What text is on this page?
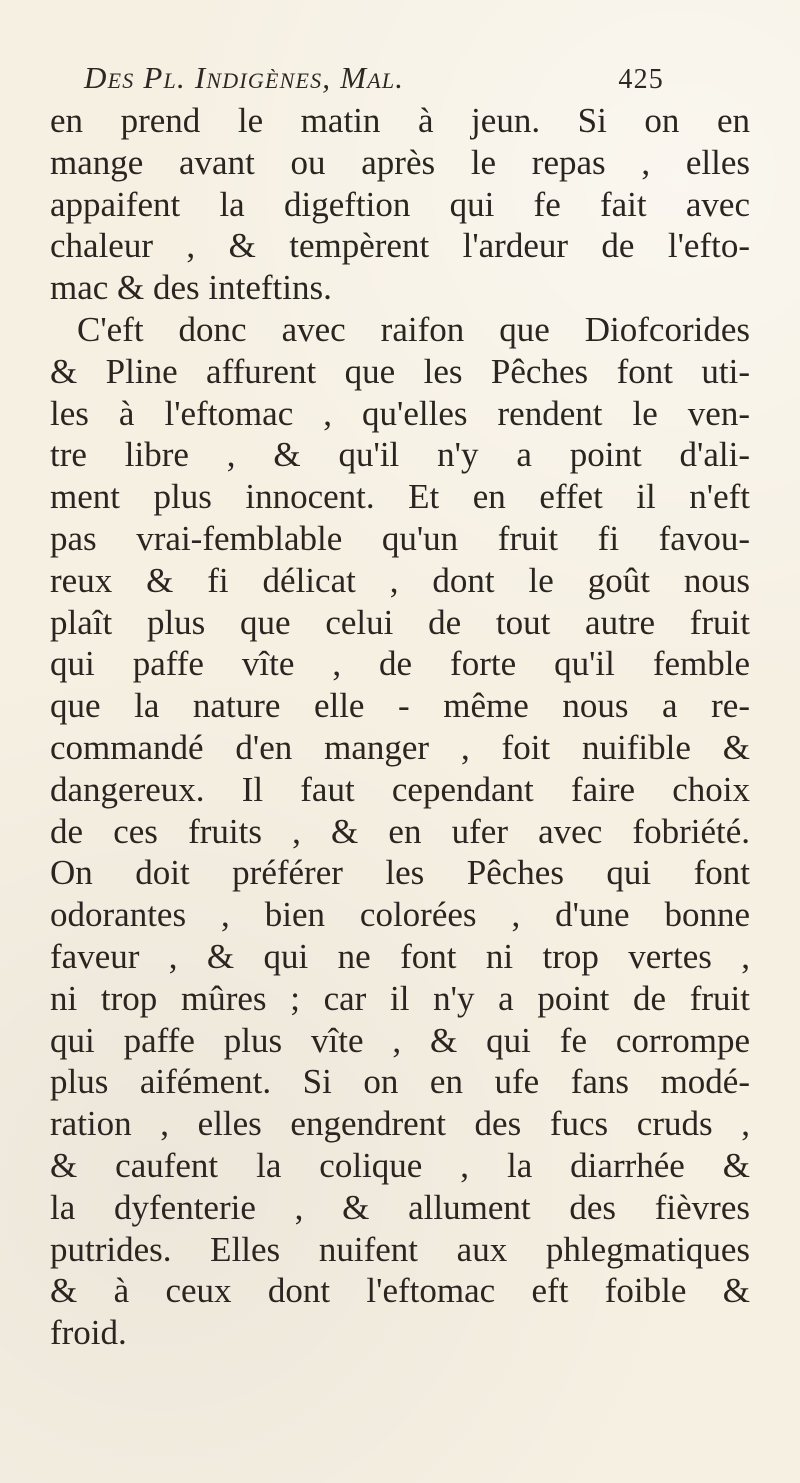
Des Pl. Indigènes, Mal.	425
en prend le matin à jeun. Si on en
mange avant ou après le repas , elles
appaifent la digeftion qui fe fait avec
chaleur , & tempèrent l'ardeur de l'efto-
mac & des inteftins.
C'eft donc avec raifon que Diofcorides
& Pline affurent que les Pêches font uti-
les à l'eftomac , qu'elles rendent le ven-
tre libre , & qu'il n'y a point d'ali-
ment plus innocent. Et en effet il n'eft
pas vrai-femblable qu'un fruit fi favou-
reux & fi délicat , dont le goût nous
plaît plus que celui de tout autre fruit
qui paffe vîte , de forte qu'il femble
que la nature elle - même nous a re-
commandé d'en manger , foit nuifible &
dangereux. Il faut cependant faire choix
de ces fruits , & en ufer avec fobriété.
On doit préférer les Pêches qui font
odorantes , bien colorées , d'une bonne
faveur , & qui ne font ni trop vertes ,
ni trop mûres ; car il n'y a point de fruit
qui paffe plus vîte , & qui fe corrompe
plus aifément. Si on en ufe fans modé-
ration , elles engendrent des fucs cruds ,
& caufent la colique , la diarrhée &
la dyfenterie , & allument des fièvres
putrides. Elles nuifent aux phlegmatiques
& à ceux dont l'eftomac eft foible &
froid.
